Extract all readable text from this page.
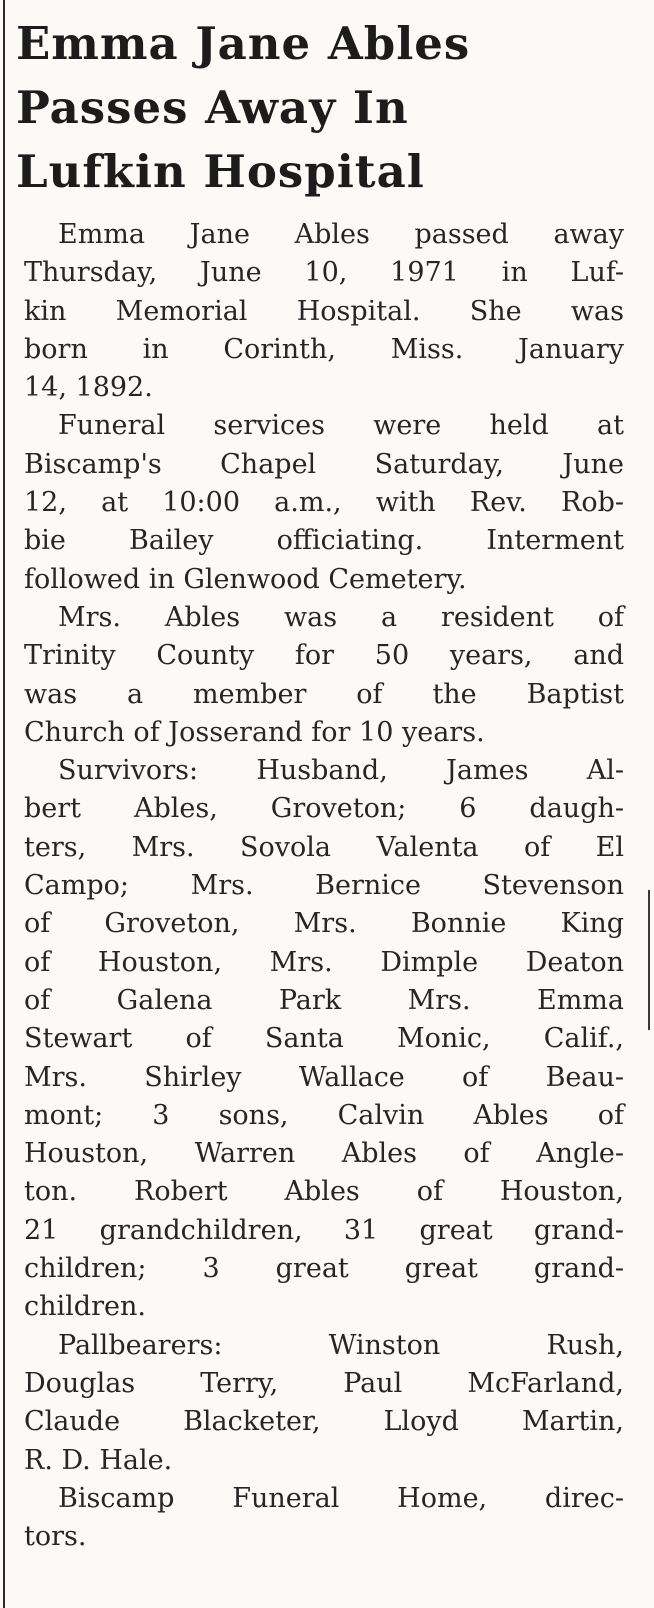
Emma Jane Ables
Passes Away In
Lufkin Hospital

Emma Jane Ables passed away
Thursday, June 10, 1971 in Luf-
kin Memorial Hospital. She was
born in Corinth, Miss. January
14, 1892.

Funeral services were held at
Biscamp's Chapel Saturday, June
12, at 10:00 a.m., with Rev. Rob-
bie Bailey officiating. Interment
followed in Glenwood Cemetery.

Mrs. Ables was a resident of
Trinity County for 50 years, and
was a member of the Baptist
Church of Josserand for 10 years.

Survivors: Husband, James Al-
bert Ables, Groveton; 6 daugh-
ters, Mrs. Sovola Valenta of El
Campo; Mrs. Bernice Stevenson
of Groveton, Mrs. Bonnie King
of Houston, Mrs. Dimple Deaton
of Galena Park Mrs. Emma
Stewart of Santa Monic, Calif.,
Mrs. Shirley Wallace of Beau-
mont; 3 sons, Calvin Ables of
Houston, Warren Ables of Angle-
ton. Robert Ables of Houston,
21 grandchildren, 31 great grand-
children; 3 great great grand-
children.

Pallbearers: Winston Rush,
Douglas Terry, Paul McFarland,
Claude Blacketer, Lloyd Martin,
R. D. Hale.

Biscamp Funeral Home, direc-
tors.
